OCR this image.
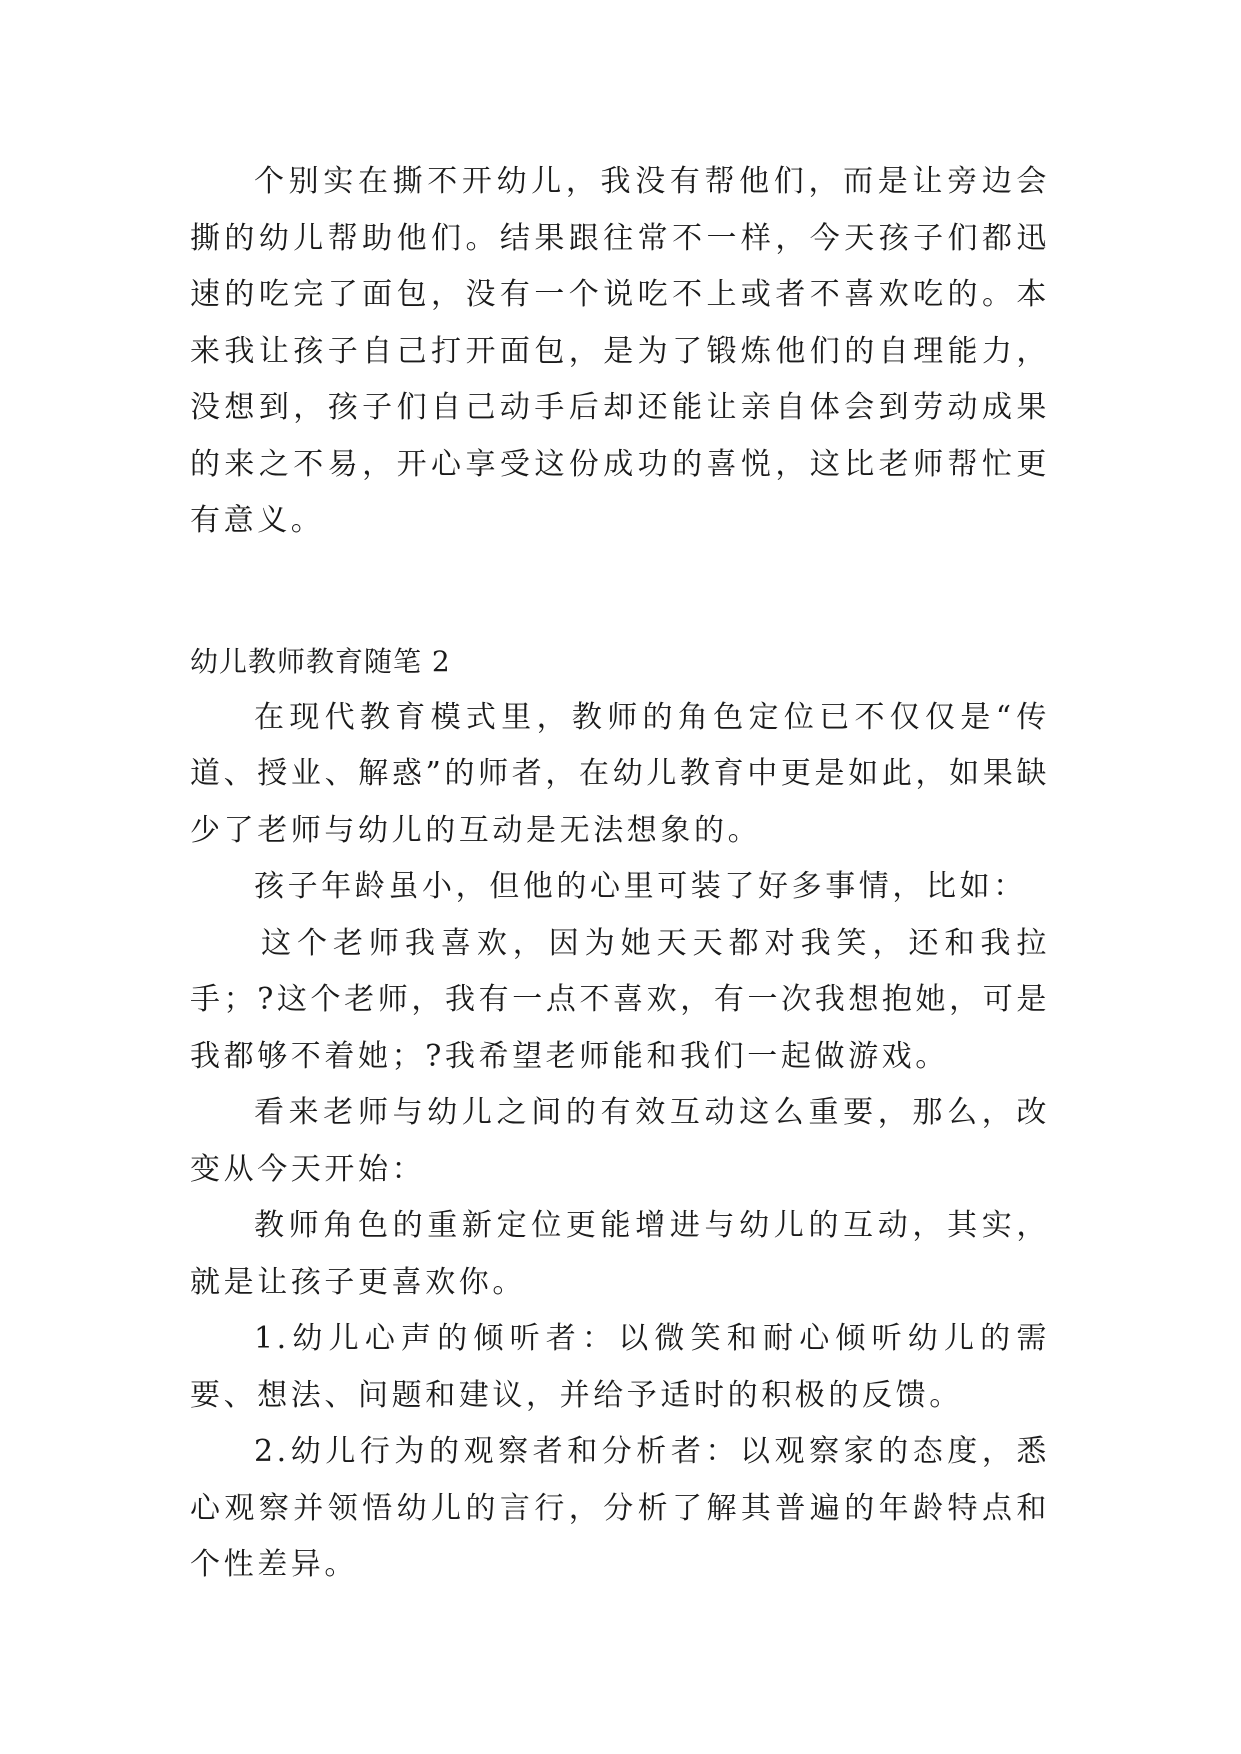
个别实在撕不开幼儿，我没有帮他们，而是让旁边会撕的幼儿帮助他们。结果跟往常不一样，今天孩子们都迅速的吃完了面包，没有一个说吃不上或者不喜欢吃的。本来我让孩子自己打开面包，是为了锻炼他们的自理能力，没想到，孩子们自己动手后却还能让亲自体会到劳动成果的来之不易，开心享受这份成功的喜悦，这比老师帮忙更有意义。

幼儿教师教育随笔 2

在现代教育模式里，教师的角色定位已不仅仅是“传道、授业、解惑”的师者，在幼儿教育中更是如此，如果缺少了老师与幼儿的互动是无法想象的。

孩子年龄虽小，但他的心里可装了好多事情，比如：

这个老师我喜欢，因为她天天都对我笑，还和我拉手；?这个老师，我有一点不喜欢，有一次我想抱她，可是我都够不着她；?我希望老师能和我们一起做游戏。

看来老师与幼儿之间的有效互动这么重要，那么，改变从今天开始：

教师角色的重新定位更能增进与幼儿的互动，其实，就是让孩子更喜欢你。

1.幼儿心声的倾听者：以微笑和耐心倾听幼儿的需要、想法、问题和建议，并给予适时的积极的反馈。

2.幼儿行为的观察者和分析者：以观察家的态度，悉心观察并领悟幼儿的言行，分析了解其普遍的年龄特点和个性差异。
